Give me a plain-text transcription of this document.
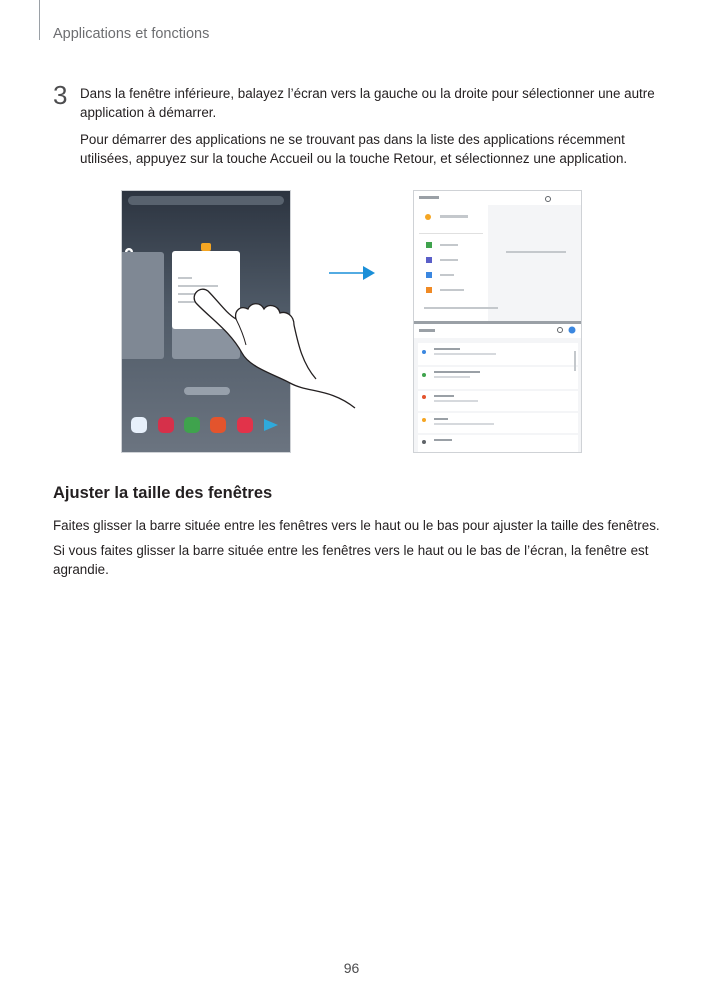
Applications et fonctions
3 Dans la fenêtre inférieure, balayez l’écran vers la gauche ou la droite pour sélectionner une autre application à démarrer.
Pour démarrer des applications ne se trouvant pas dans la liste des applications récemment utilisées, appuyez sur la touche Accueil ou la touche Retour, et sélectionnez une application.
Ajuster la taille des fenêtres
Faites glisser la barre située entre les fenêtres vers le haut ou le bas pour ajuster la taille des fenêtres.
Si vous faites glisser la barre située entre les fenêtres vers le haut ou le bas de l’écran, la fenêtre est agrandie.
96
